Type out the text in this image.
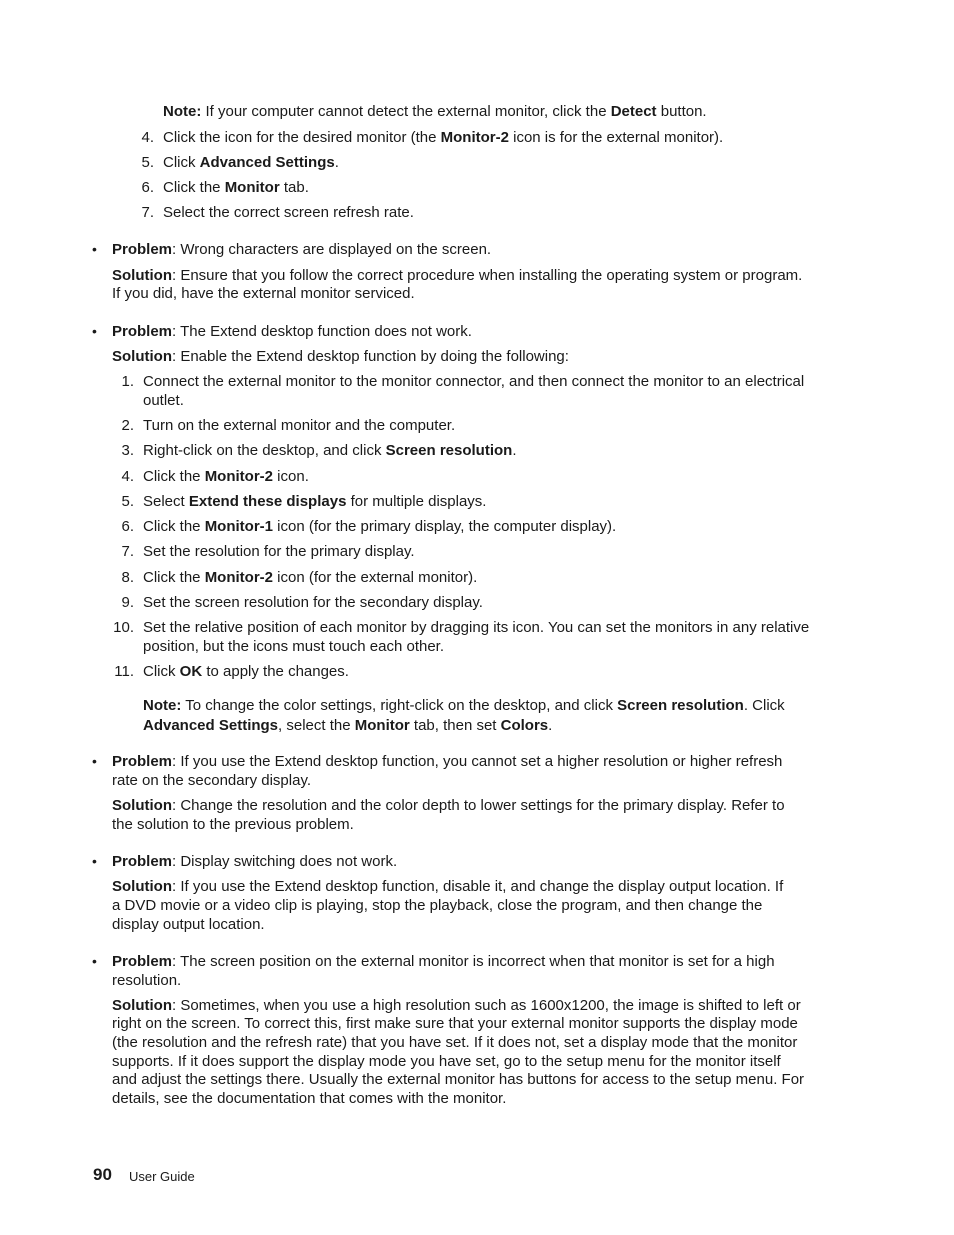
Note: If your computer cannot detect the external monitor, click the Detect button.
4. Click the icon for the desired monitor (the Monitor-2 icon is for the external monitor).
5. Click Advanced Settings.
6. Click the Monitor tab.
7. Select the correct screen refresh rate.
• Problem: Wrong characters are displayed on the screen.
Solution: Ensure that you follow the correct procedure when installing the operating system or program.
If you did, have the external monitor serviced.
• Problem: The Extend desktop function does not work.
Solution: Enable the Extend desktop function by doing the following:
1. Connect the external monitor to the monitor connector, and then connect the monitor to an electrical
outlet.
2. Turn on the external monitor and the computer.
3. Right-click on the desktop, and click Screen resolution.
4. Click the Monitor-2 icon.
5. Select Extend these displays for multiple displays.
6. Click the Monitor-1 icon (for the primary display, the computer display).
7. Set the resolution for the primary display.
8. Click the Monitor-2 icon (for the external monitor).
9. Set the screen resolution for the secondary display.
10. Set the relative position of each monitor by dragging its icon. You can set the monitors in any relative
position, but the icons must touch each other.
11. Click OK to apply the changes.
Note: To change the color settings, right-click on the desktop, and click Screen resolution. Click
Advanced Settings, select the Monitor tab, then set Colors.
• Problem: If you use the Extend desktop function, you cannot set a higher resolution or higher refresh
rate on the secondary display.
Solution: Change the resolution and the color depth to lower settings for the primary display. Refer to
the solution to the previous problem.
• Problem: Display switching does not work.
Solution: If you use the Extend desktop function, disable it, and change the display output location. If
a DVD movie or a video clip is playing, stop the playback, close the program, and then change the
display output location.
• Problem: The screen position on the external monitor is incorrect when that monitor is set for a high
resolution.
Solution: Sometimes, when you use a high resolution such as 1600x1200, the image is shifted to left or
right on the screen. To correct this, first make sure that your external monitor supports the display mode
(the resolution and the refresh rate) that you have set. If it does not, set a display mode that the monitor
supports. If it does support the display mode you have set, go to the setup menu for the monitor itself
and adjust the settings there. Usually the external monitor has buttons for access to the setup menu. For
details, see the documentation that comes with the monitor.
90 User Guide
